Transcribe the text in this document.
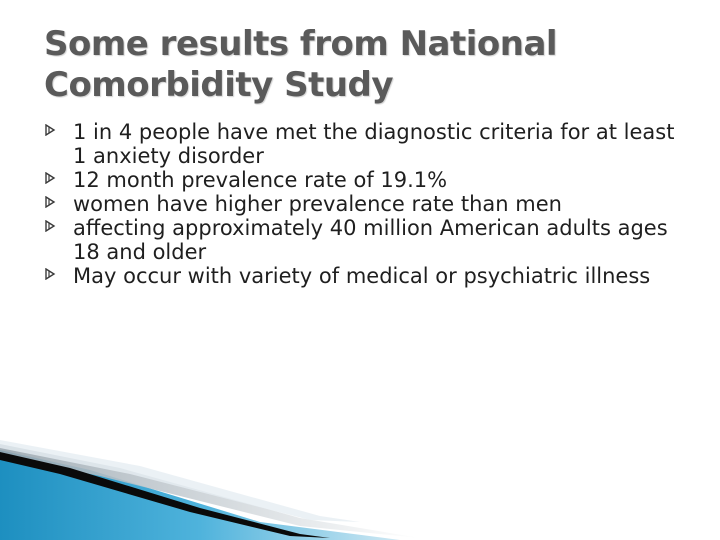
Some results from National
Comorbidity Study
1 in 4 people have met the diagnostic criteria for at least 1 anxiety disorder
12 month prevalence rate of 19.1%
women have higher prevalence rate than men
affecting approximately 40 million American adults ages 18 and older
May occur with variety of medical or psychiatric illness
